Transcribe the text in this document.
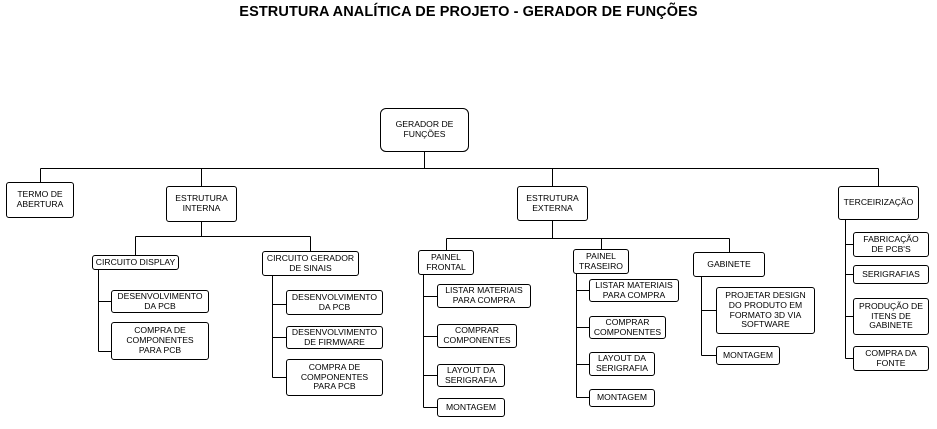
ESTRUTURA ANALÍTICA DE PROJETO - GERADOR DE FUNÇÕES
GERADOR DE
FUNÇÕES
TERMO DE
ABERTURA
ESTRUTURA
INTERNA
ESTRUTURA
EXTERNA
TERCEIRIZAÇÃO
CIRCUITO DISPLAY
DESENVOLVIMENTO
DA PCB
COMPRA DE
COMPONENTES
PARA PCB
CIRCUITO GERADOR
DE SINAIS
DESENVOLVIMENTO
DA PCB
DESENVOLVIMENTO
DE FIRMWARE
COMPRA DE
COMPONENTES
PARA PCB
PAINEL
FRONTAL
LISTAR MATERIAIS
PARA COMPRA
COMPRAR
COMPONENTES
LAYOUT DA
SERIGRAFIA
MONTAGEM
PAINEL
TRASEIRO
LISTAR MATERIAIS
PARA COMPRA
COMPRAR
COMPONENTES
LAYOUT DA
SERIGRAFIA
MONTAGEM
GABINETE
PROJETAR DESIGN
DO PRODUTO EM
FORMATO 3D VIA
SOFTWARE
MONTAGEM
FABRICAÇÃO
DE PCB'S
SERIGRAFIAS
PRODUÇÃO DE
ITENS DE
GABINETE
COMPRA DA
FONTE
